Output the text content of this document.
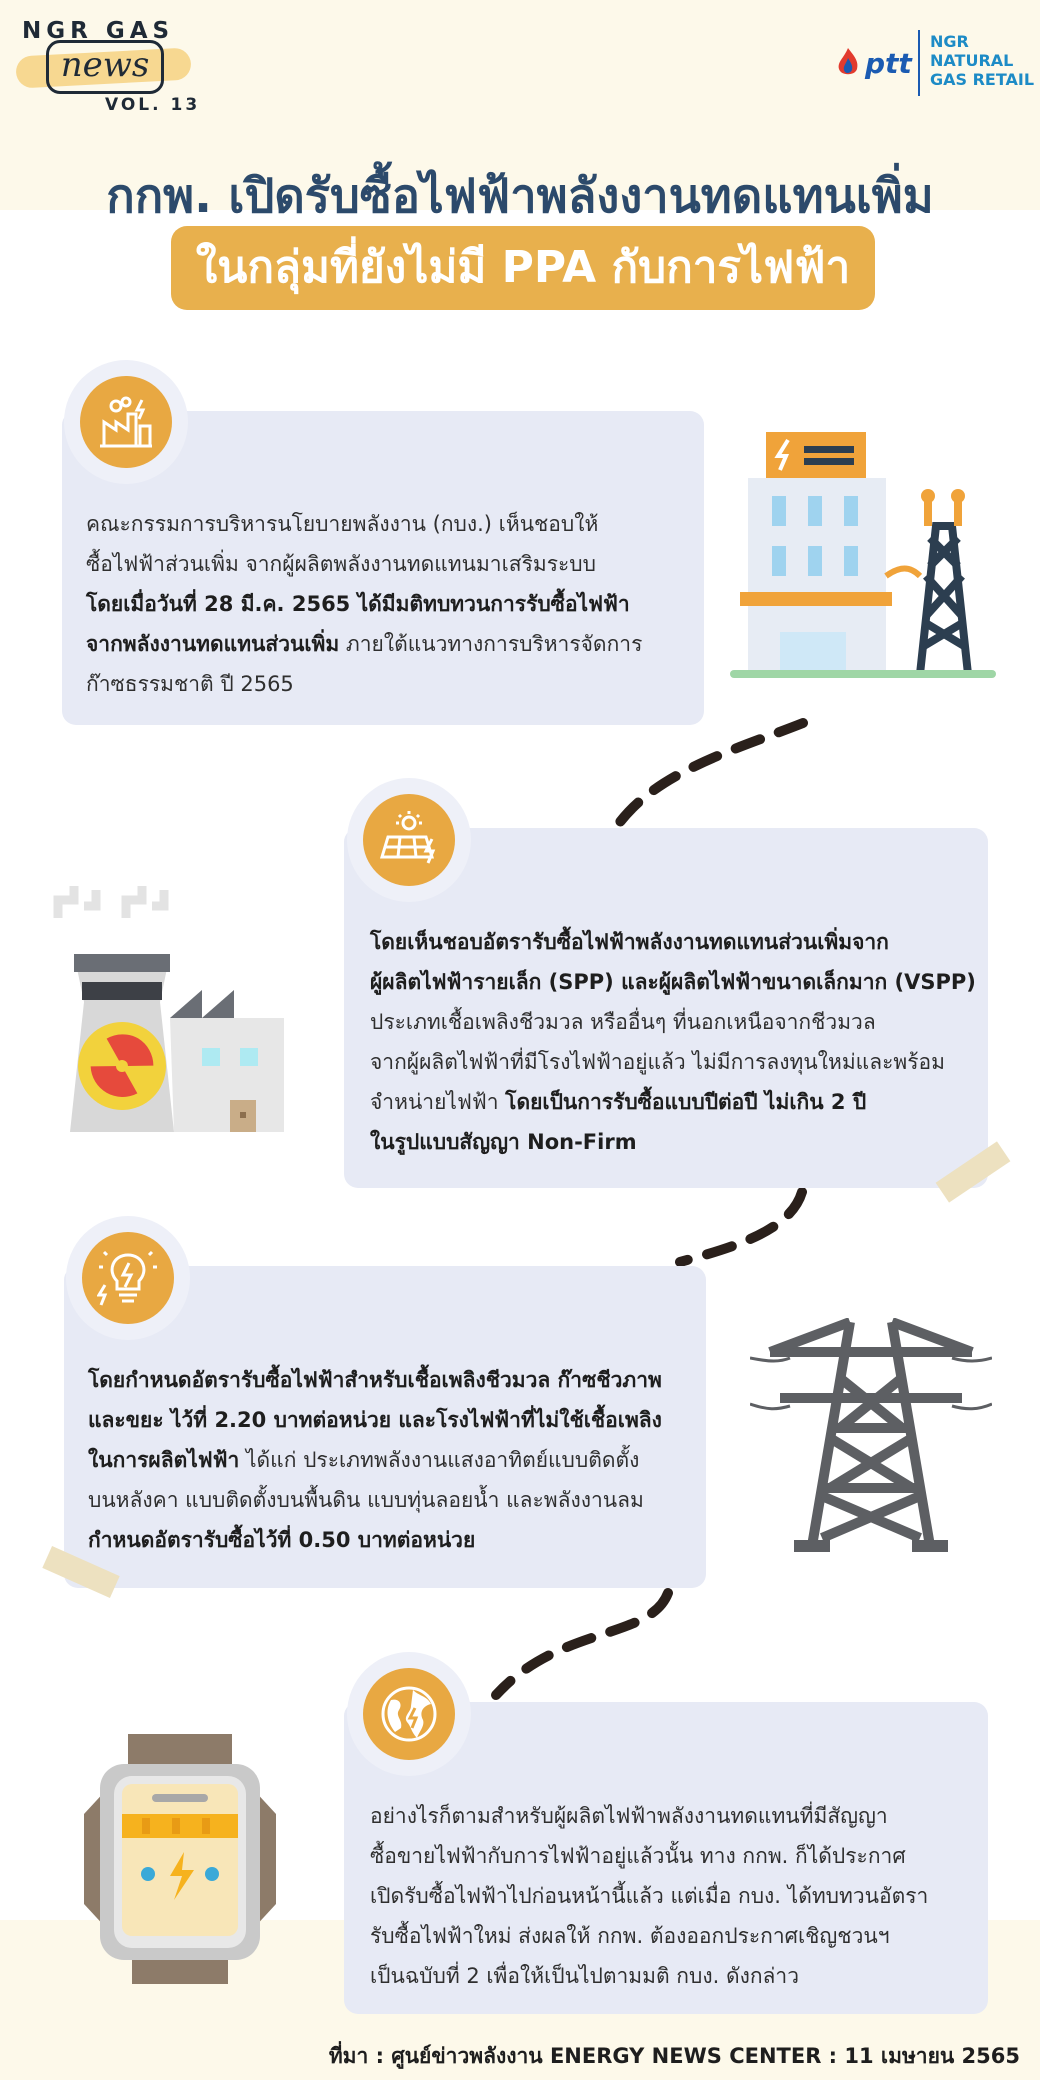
NGR GAS
news
VOL. 13
ptt
NGR
NATURAL
GAS RETAIL
กกพ. เปิดรับซื้อไฟฟ้าพลังงานทดแทนเพิ่ม
ในกลุ่มที่ยังไม่มี PPA กับการไฟฟ้า
คณะกรรมการบริหารนโยบายพลังงาน (กบง.) เห็นชอบให้
ซื้อไฟฟ้าส่วนเพิ่ม จากผู้ผลิตพลังงานทดแทนมาเสริมระบบ
โดยเมื่อวันที่ 28 มี.ค. 2565 ได้มีมติทบทวนการรับซื้อไฟฟ้า
จากพลังงานทดแทนส่วนเพิ่ม ภายใต้แนวทางการบริหารจัดการ
ก๊าซธรรมชาติ ปี 2565
โดยเห็นชอบอัตรารับซื้อไฟฟ้าพลังงานทดแทนส่วนเพิ่มจาก
ผู้ผลิตไฟฟ้ารายเล็ก (SPP) และผู้ผลิตไฟฟ้าขนาดเล็กมาก (VSPP)
ประเภทเชื้อเพลิงชีวมวล หรืออื่นๆ ที่นอกเหนือจากชีวมวล
จากผู้ผลิตไฟฟ้าที่มีโรงไฟฟ้าอยู่แล้ว ไม่มีการลงทุนใหม่และพร้อม
จำหน่ายไฟฟ้า โดยเป็นการรับซื้อแบบปีต่อปี ไม่เกิน 2 ปี
ในรูปแบบสัญญา Non-Firm
โดยกำหนดอัตรารับซื้อไฟฟ้าสำหรับเชื้อเพลิงชีวมวล ก๊าซชีวภาพ
และขยะ ไว้ที่ 2.20 บาทต่อหน่วย และโรงไฟฟ้าที่ไม่ใช้เชื้อเพลิง
ในการผลิตไฟฟ้า ได้แก่ ประเภทพลังงานแสงอาทิตย์แบบติดตั้ง
บนหลังคา แบบติดตั้งบนพื้นดิน แบบทุ่นลอยน้ำ และพลังงานลม
กำหนดอัตรารับซื้อไว้ที่ 0.50 บาทต่อหน่วย
อย่างไรก็ตามสำหรับผู้ผลิตไฟฟ้าพลังงานทดแทนที่มีสัญญา
ซื้อขายไฟฟ้ากับการไฟฟ้าอยู่แล้วนั้น ทาง กกพ. ก็ได้ประกาศ
เปิดรับซื้อไฟฟ้าไปก่อนหน้านี้แล้ว แต่เมื่อ กบง. ได้ทบทวนอัตรา
รับซื้อไฟฟ้าใหม่ ส่งผลให้ กกพ. ต้องออกประกาศเชิญชวนฯ
เป็นฉบับที่ 2 เพื่อให้เป็นไปตามมติ กบง. ดังกล่าว
ที่มา : ศูนย์ข่าวพลังงาน ENERGY NEWS CENTER : 11 เมษายน 2565
